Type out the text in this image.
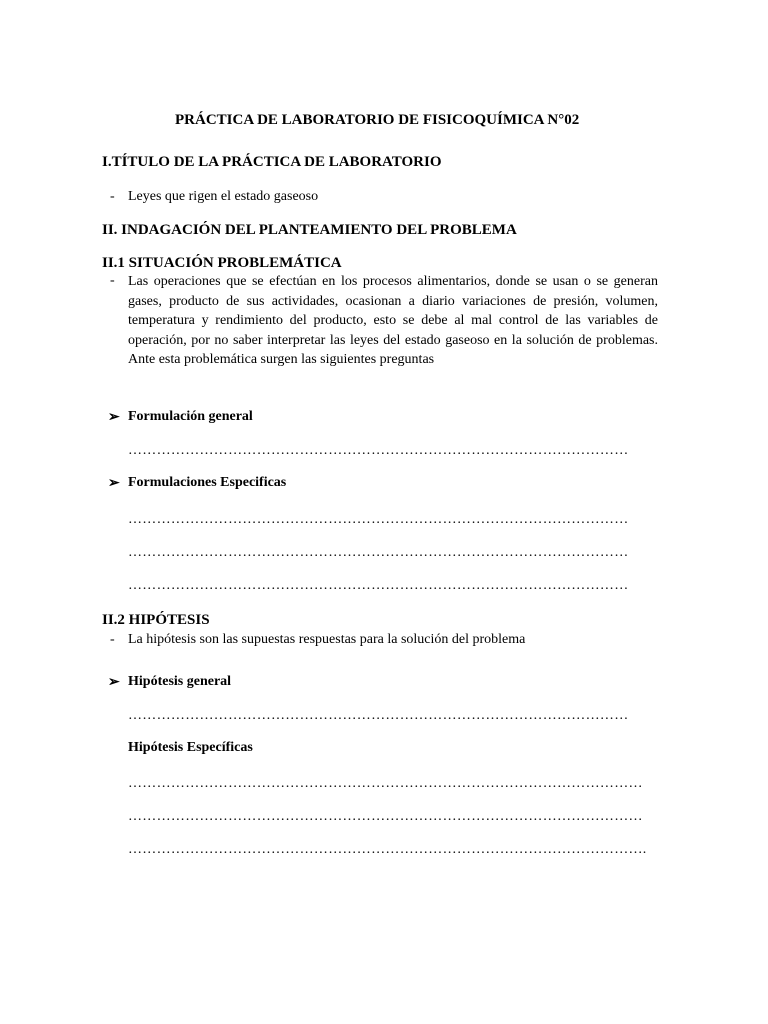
PRÁCTICA DE LABORATORIO DE FISICOQUÍMICA N°02
I.TÍTULO DE LA PRÁCTICA DE LABORATORIO
- Leyes que rigen el estado gaseoso
II. INDAGACIÓN DEL PLANTEAMIENTO DEL PROBLEMA
II.1 SITUACIÓN PROBLEMÁTICA
- Las operaciones que se efectúan en los procesos alimentarios, donde se usan o se generan gases, producto de sus actividades, ocasionan a diario variaciones de presión, volumen, temperatura y rendimiento del producto, esto se debe al mal control de las variables de operación, por no saber interpretar las leyes del estado gaseoso en la solución de problemas. Ante esta problemática surgen las siguientes preguntas

➢ Formulación general
……………………………………………………………………………………………
➢ Formulaciones Especificas
……………………………………………………………………………………………
……………………………………………………………………………………………
……………………………………………………………………………………………
II.2 HIPÓTESIS
- La hipótesis son las supuestas respuestas para la solución del problema
➢ Hipótesis general
……………………………………………………………………………………………
Hipótesis Específicas
………………………………………………………………………………………………
………………………………………………………………………………………………
……………………………………………………………………………………………….
